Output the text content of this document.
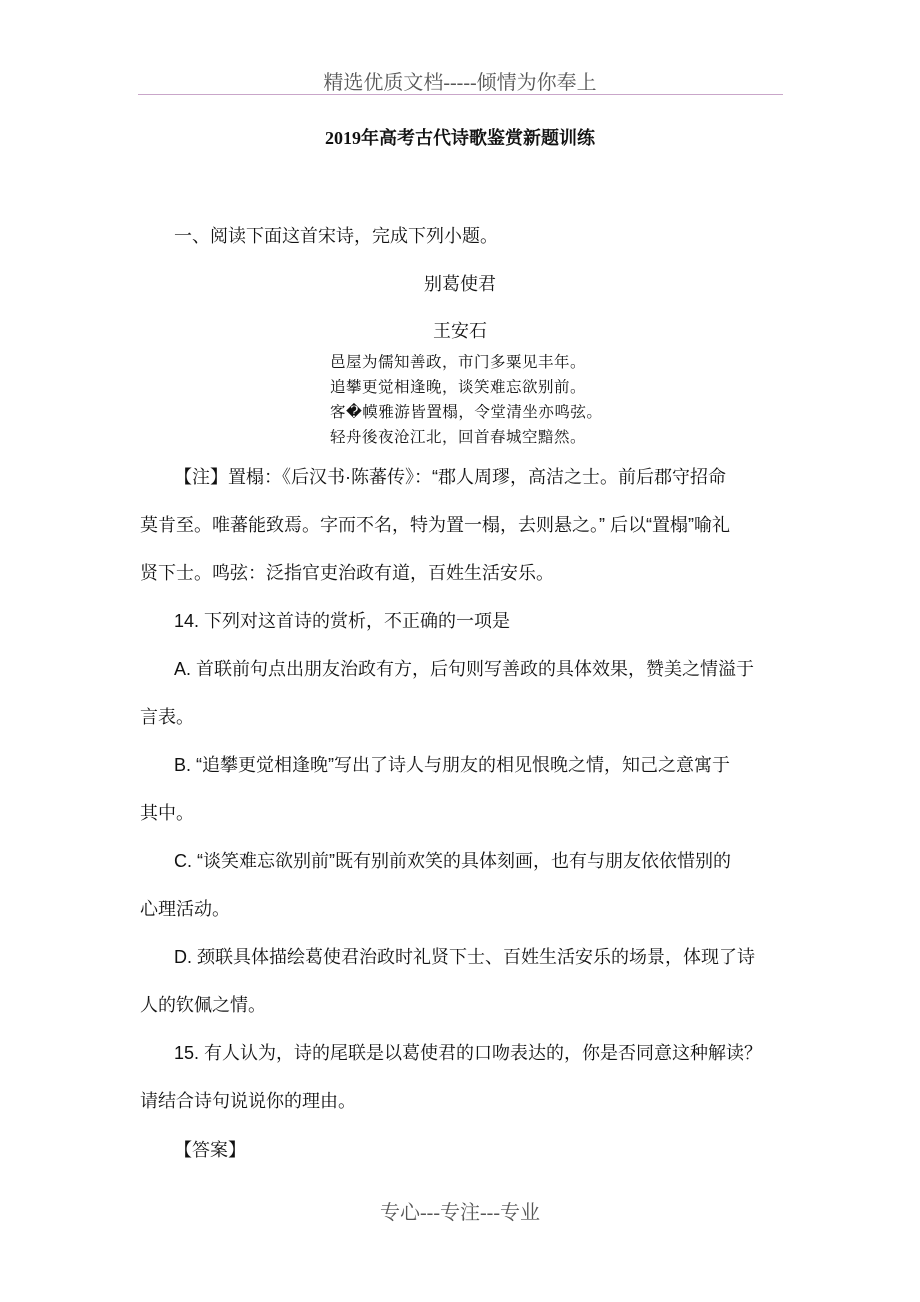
精选优质文档-----倾情为你奉上
2019年高考古代诗歌鉴赏新题训练
一、阅读下面这首宋诗，完成下列小题。
别葛使君
王安石
邑屋为儒知善政，市门多粟见丰年。
追攀更觉相逢晚，谈笑难忘欲别前。
客�幙雅游皆置榻，令堂清坐亦鸣弦。
轻舟後夜沧江北，回首春城空黯然。
【注】置榻：《后汉书·陈蕃传》：“郡人周璆，高洁之士。前后郡守招命
莫肯至。唯蕃能致焉。字而不名，特为置一榻，去则悬之。” 后以“置榻”喻礼
贤下士。鸣弦：泛指官吏治政有道，百姓生活安乐。
14. 下列对这首诗的赏析，不正确的一项是
A. 首联前句点出朋友治政有方，后句则写善政的具体效果，赞美之情溢于
言表。
B. “追攀更觉相逢晚”写出了诗人与朋友的相见恨晚之情，知己之意寓于
其中。
C. “谈笑难忘欲别前”既有别前欢笑的具体刻画，也有与朋友依依惜别的
心理活动。
D. 颈联具体描绘葛使君治政时礼贤下士、百姓生活安乐的场景，体现了诗
人的钦佩之情。
15. 有人认为，诗的尾联是以葛使君的口吻表达的，你是否同意这种解读？
请结合诗句说说你的理由。
【答案】
专心---专注---专业
